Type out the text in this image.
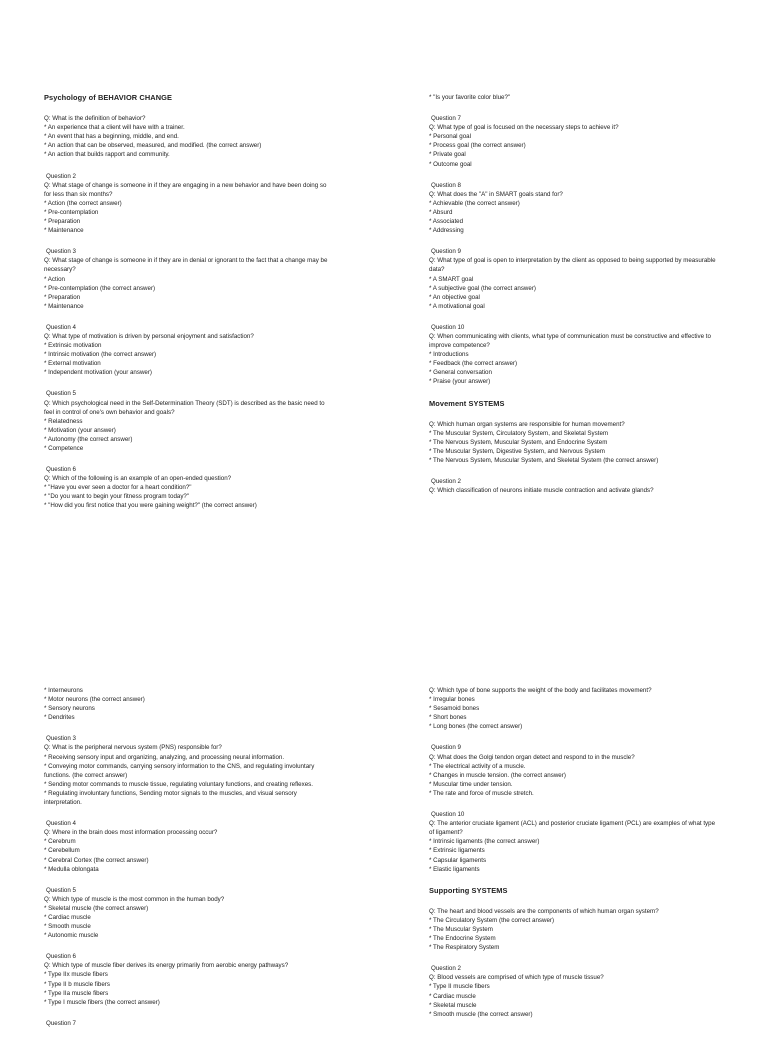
Psychology of BEHAVIOR CHANGE
Q: What is the definition of behavior?
* An experience that a client will have with a trainer.
* An event that has a beginning, middle, and end.
* An action that can be observed, measured, and modified. (the correct answer)
* An action that builds rapport and community.
Question 2
Q: What stage of change is someone in if they are engaging in a new behavior and have been doing so for less than six months?
* Action (the correct answer)
* Pre-contemplation
* Preparation
* Maintenance
Question 3
Q: What stage of change is someone in if they are in denial or ignorant to the fact that a change may be necessary?
* Action
* Pre-contemplation (the correct answer)
* Preparation
* Maintenance
Question 4
Q: What type of motivation is driven by personal enjoyment and satisfaction?
* Extrinsic motivation
* Intrinsic motivation (the correct answer)
* External motivation
* Independent motivation (your answer)
Question 5
Q: Which psychological need in the Self-Determination Theory (SDT) is described as the basic need to feel in control of one's own behavior and goals?
* Relatedness
* Motivation (your answer)
* Autonomy (the correct answer)
* Competence
Question 6
Q: Which of the following is an example of an open-ended question?
* "Have you ever seen a doctor for a heart condition?"
* "Do you want to begin your fitness program today?"
* "How did you first notice that you were gaining weight?" (the correct answer)
* "Is your favorite color blue?"
Question 7
Q: What type of goal is focused on the necessary steps to achieve it?
* Personal goal
* Process goal (the correct answer)
* Private goal
* Outcome goal
Question 8
Q: What does the "A" in SMART goals stand for?
* Achievable (the correct answer)
* Absurd
* Associated
* Addressing
Question 9
Q: What type of goal is open to interpretation by the client as opposed to being supported by measurable data?
* A SMART goal
* A subjective goal (the correct answer)
* An objective goal
* A motivational goal
Question 10
Q: When communicating with clients, what type of communication must be constructive and effective to improve competence?
* Introductions
* Feedback (the correct answer)
* General conversation
* Praise (your answer)
Movement SYSTEMS
Q: Which human organ systems are responsible for human movement?
* The Muscular System, Circulatory System, and Skeletal System
* The Nervous System, Muscular System, and Endocrine System
* The Muscular System, Digestive System, and Nervous System
* The Nervous System, Muscular System, and Skeletal System (the correct answer)
Question 2
Q: Which classification of neurons initiate muscle contraction and activate glands?
* Interneurons
* Motor neurons (the correct answer)
* Sensory neurons
* Dendrites
Question 3
Q: What is the peripheral nervous system (PNS) responsible for?
* Receiving sensory input and organizing, analyzing, and processing neural information.
* Conveying motor commands, carrying sensory information to the CNS, and regulating involuntary functions. (the correct answer)
* Sending motor commands to muscle tissue, regulating voluntary functions, and creating reflexes.
* Regulating involuntary functions, Sending motor signals to the muscles, and visual sensory interpretation.
Question 4
Q: Where in the brain does most information processing occur?
* Cerebrum
* Cerebellum
* Cerebral Cortex (the correct answer)
* Medulla oblongata
Question 5
Q: Which type of muscle is the most common in the human body?
* Skeletal muscle (the correct answer)
* Cardiac muscle
* Smooth muscle
* Autonomic muscle
Question 6
Q: Which type of muscle fiber derives its energy primarily from aerobic energy pathways?
* Type IIx muscle fibers
* Type II b muscle fibers
* Type IIa muscle fibers
* Type I muscle fibers (the correct answer)
Question 7
Q: Which type of bone supports the weight of the body and facilitates movement?
* Irregular bones
* Sesamoid bones
* Short bones
* Long bones (the correct answer)
Question 9
Q: What does the Golgi tendon organ detect and respond to in the muscle?
* The electrical activity of a muscle.
* Changes in muscle tension. (the correct answer)
* Muscular time under tension.
* The rate and force of muscle stretch.
Question 10
Q: The anterior cruciate ligament (ACL) and posterior cruciate ligament (PCL) are examples of what type of ligament?
* Intrinsic ligaments (the correct answer)
* Extrinsic ligaments
* Capsular ligaments
* Elastic ligaments
Supporting SYSTEMS
Q: The heart and blood vessels are the components of which human organ system?
* The Circulatory System (the correct answer)
* The Muscular System
* The Endocrine System
* The Respiratory System
Question 2
Q: Blood vessels are comprised of which type of muscle tissue?
* Type II muscle fibers
* Cardiac muscle
* Skeletal muscle
* Smooth muscle (the correct answer)
